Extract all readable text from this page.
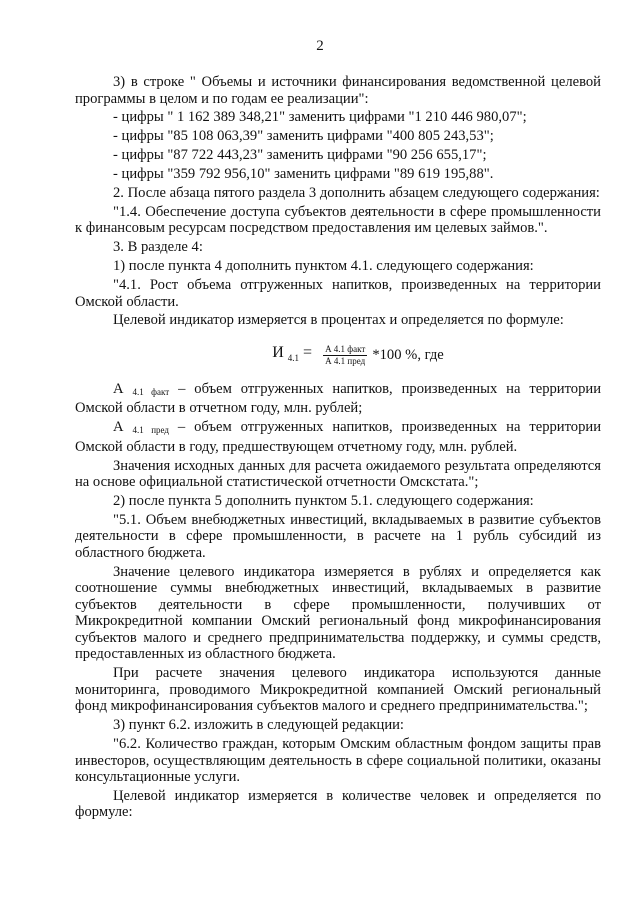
2

3) в строке " Объемы и источники финансирования ведомственной целевой программы в целом и по годам ее реализации":

- цифры " 1 162 389 348,21" заменить цифрами "1 210 446 980,07";

- цифры "85 108 063,39" заменить цифрами "400 805 243,53";

- цифры "87 722 443,23" заменить цифрами "90 256 655,17";

- цифры "359 792 956,10" заменить цифрами "89 619 195,88".

2. После абзаца пятого раздела 3 дополнить абзацем следующего содержания:

"1.4. Обеспечение доступа субъектов деятельности в сфере промышленности к финансовым ресурсам посредством предоставления им целевых займов.".

3. В разделе 4:

1) после пункта 4 дополнить пунктом 4.1. следующего содержания:

"4.1. Рост объема отгруженных напитков, произведенных на территории Омской области.

Целевой индикатор измеряется в процентах и определяется по формуле:

И $_{4.1} = \frac{\text{А 4.1 факт}}{\text{А 4.1 пред}} *100$ %, где

А 4.1 факт – объем отгруженных напитков, произведенных на территории Омской области в отчетном году, млн. рублей;

А 4.1 пред – объем отгруженных напитков, произведенных на территории Омской области в году, предшествующем отчетному году, млн. рублей.

Значения исходных данных для расчета ожидаемого результата определяются на основе официальной статистической отчетности Омскстата.";

2) после пункта 5 дополнить пунктом 5.1. следующего содержания:

"5.1. Объем внебюджетных инвестиций, вкладываемых в развитие субъектов деятельности в сфере промышленности, в расчете на 1 рубль субсидий из областного бюджета.

Значение целевого индикатора измеряется в рублях и определяется как соотношение суммы внебюджетных инвестиций, вкладываемых в развитие субъектов деятельности в сфере промышленности, получивших от Микрокредитной компании Омский региональный фонд микрофинансирования субъектов малого и среднего предпринимательства поддержку, и суммы средств, предоставленных из областного бюджета.

При расчете значения целевого индикатора используются данные мониторинга, проводимого Микрокредитной компанией Омский региональный фонд микрофинансирования субъектов малого и среднего предпринимательства.";

3) пункт 6.2. изложить в следующей редакции:

"6.2. Количество граждан, которым Омским областным фондом защиты прав инвесторов, осуществляющим деятельность в сфере социальной политики, оказаны консультационные услуги.

Целевой индикатор измеряется в количестве человек и определяется по формуле:
